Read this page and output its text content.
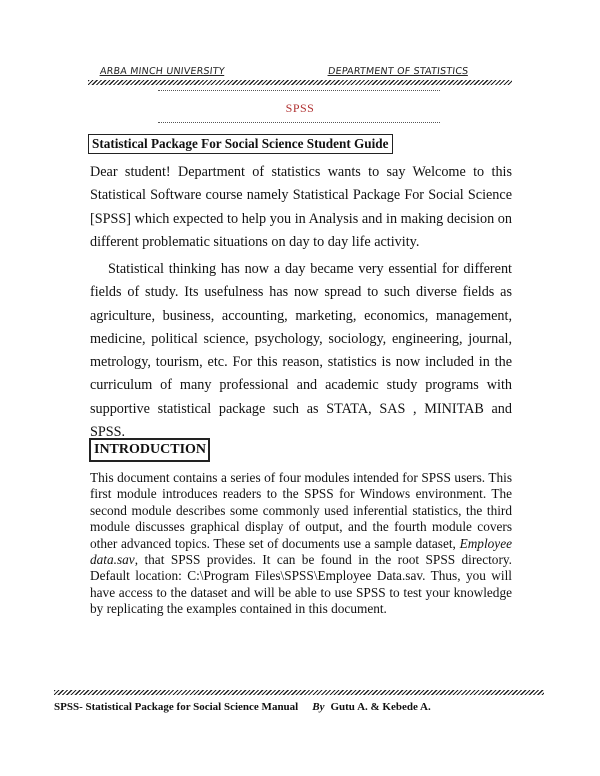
ARBA MINCH UNIVERSITY	DEPARTMENT OF STATISTICS
SPSS
Statistical Package For Social Science Student Guide
Dear student! Department of statistics wants to say Welcome to this Statistical Software course namely Statistical Package For Social Science [SPSS] which expected to help you in Analysis and in making decision on different problematic situations on day to day life activity.
Statistical thinking has now a day became very essential for different fields of study. Its usefulness has now spread to such diverse fields as agriculture, business, accounting, marketing, economics, management, medicine, political science, psychology, sociology, engineering, journal, metrology, tourism, etc. For this reason, statistics is now included in the curriculum of many professional and academic study programs with supportive statistical package such as STATA, SAS , MINITAB and SPSS.
INTRODUCTION
This document contains a series of four modules intended for SPSS users. This first module introduces readers to the SPSS for Windows environment. The second module describes some commonly used inferential statistics, the third module discusses graphical display of output, and the fourth module covers other advanced topics. These set of documents use a sample dataset, Employee data.sav, that SPSS provides. It can be found in the root SPSS directory. Default location: C:\Program Files\SPSS\Employee Data.sav. Thus, you will have access to the dataset and will be able to use SPSS to test your knowledge by replicating the examples contained in this document.
SPSS- Statistical Package for Social Science Manual By Gutu A. & Kebede A.
